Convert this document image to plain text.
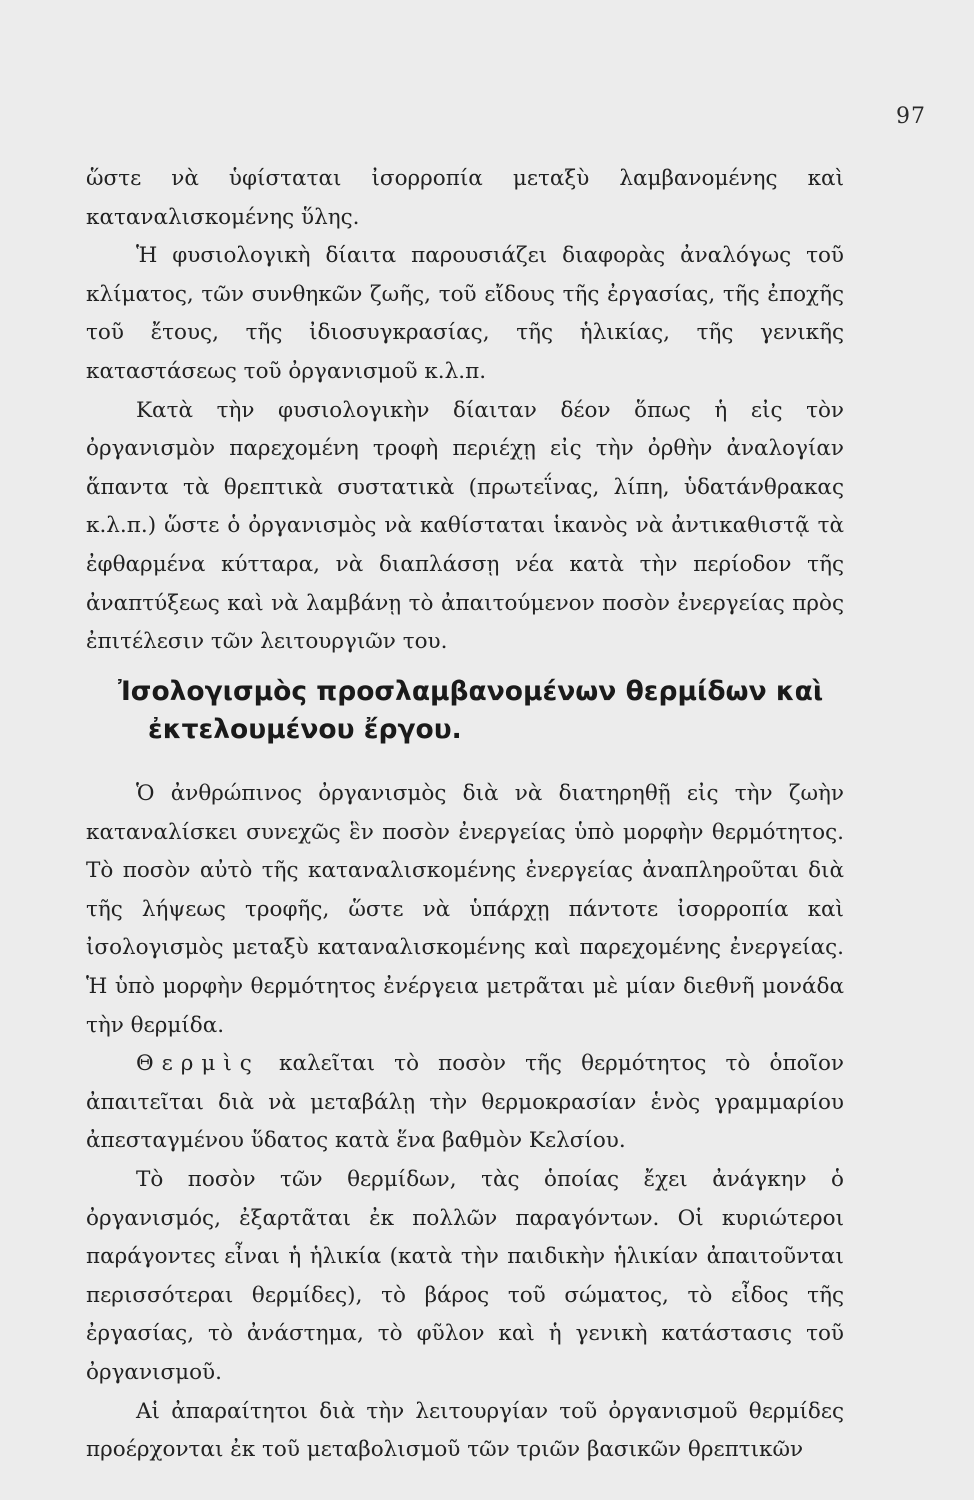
97

ὥστε νὰ ὑφίσταται ἰσορροπία μεταξὺ λαμβανομένης καὶ καταναλισκομένης ὕλης.

Ἡ φυσιολογικὴ δίαιτα παρουσιάζει διαφορὰς ἀναλόγως τοῦ κλίματος, τῶν συνθηκῶν ζωῆς, τοῦ εἴδους τῆς ἐργασίας, τῆς ἐποχῆς τοῦ ἔτους, τῆς ἰδιοσυγκρασίας, τῆς ἡλικίας, τῆς γενικῆς καταστάσεως τοῦ ὀργανισμοῦ κ.λ.π.

Κατὰ τὴν φυσιολογικὴν δίαιταν δέον ὅπως ἡ εἰς τὸν ὀργανισμὸν παρεχομένη τροφὴ περιέχῃ εἰς τὴν ὀρθὴν ἀναλογίαν ἅπαντα τὰ θρεπτικὰ συστατικὰ (πρωτεΐνας, λίπη, ὑδατάνθρακας κ.λ.π.) ὥστε ὁ ὀργανισμὸς νὰ καθίσταται ἱκανὸς νὰ ἀντικαθιστᾷ τὰ ἐφθαρμένα κύτταρα, νὰ διαπλάσσῃ νέα κατὰ τὴν περίοδον τῆς ἀναπτύξεως καὶ νὰ λαμβάνῃ τὸ ἀπαιτούμενον ποσὸν ἐνεργείας πρὸς ἐπιτέλεσιν τῶν λειτουργιῶν του.

Ἰσολογισμὸς προσλαμβανομένων θερμίδων καὶ
ἐκτελουμένου ἔργου.

Ὁ ἀνθρώπινος ὀργανισμὸς διὰ νὰ διατηρηθῇ εἰς τὴν ζωὴν καταναλίσκει συνεχῶς ἓν ποσὸν ἐνεργείας ὑπὸ μορφὴν θερμότητος. Τὸ ποσὸν αὐτὸ τῆς καταναλισκομένης ἐνεργείας ἀναπληροῦται διὰ τῆς λήψεως τροφῆς, ὥστε νὰ ὑπάρχῃ πάντοτε ἰσορροπία καὶ ἰσολογισμὸς μεταξὺ καταναλισκομένης καὶ παρεχομένης ἐνεργείας. Ἡ ὑπὸ μορφὴν θερμότητος ἐνέργεια μετρᾶται μὲ μίαν διεθνῆ μονάδα τὴν θερμίδα.

Θερμὶς καλεῖται τὸ ποσὸν τῆς θερμότητος τὸ ὁποῖον ἀπαιτεῖται διὰ νὰ μεταβάλῃ τὴν θερμοκρασίαν ἑνὸς γραμμαρίου ἀπεσταγμένου ὕδατος κατὰ ἕνα βαθμὸν Κελσίου.

Τὸ ποσὸν τῶν θερμίδων, τὰς ὁποίας ἔχει ἀνάγκην ὁ ὀργανισμός, ἐξαρτᾶται ἐκ πολλῶν παραγόντων. Οἱ κυριώτεροι παράγοντες εἶναι ἡ ἡλικία (κατὰ τὴν παιδικὴν ἡλικίαν ἀπαιτοῦνται περισσότεραι θερμίδες), τὸ βάρος τοῦ σώματος, τὸ εἶδος τῆς ἐργασίας, τὸ ἀνάστημα, τὸ φῦλον καὶ ἡ γενικὴ κατάστασις τοῦ ὀργανισμοῦ.

Αἱ ἀπαραίτητοι διὰ τὴν λειτουργίαν τοῦ ὀργανισμοῦ θερμίδες προέρχονται ἐκ τοῦ μεταβολισμοῦ τῶν τριῶν βασικῶν θρεπτικῶν
